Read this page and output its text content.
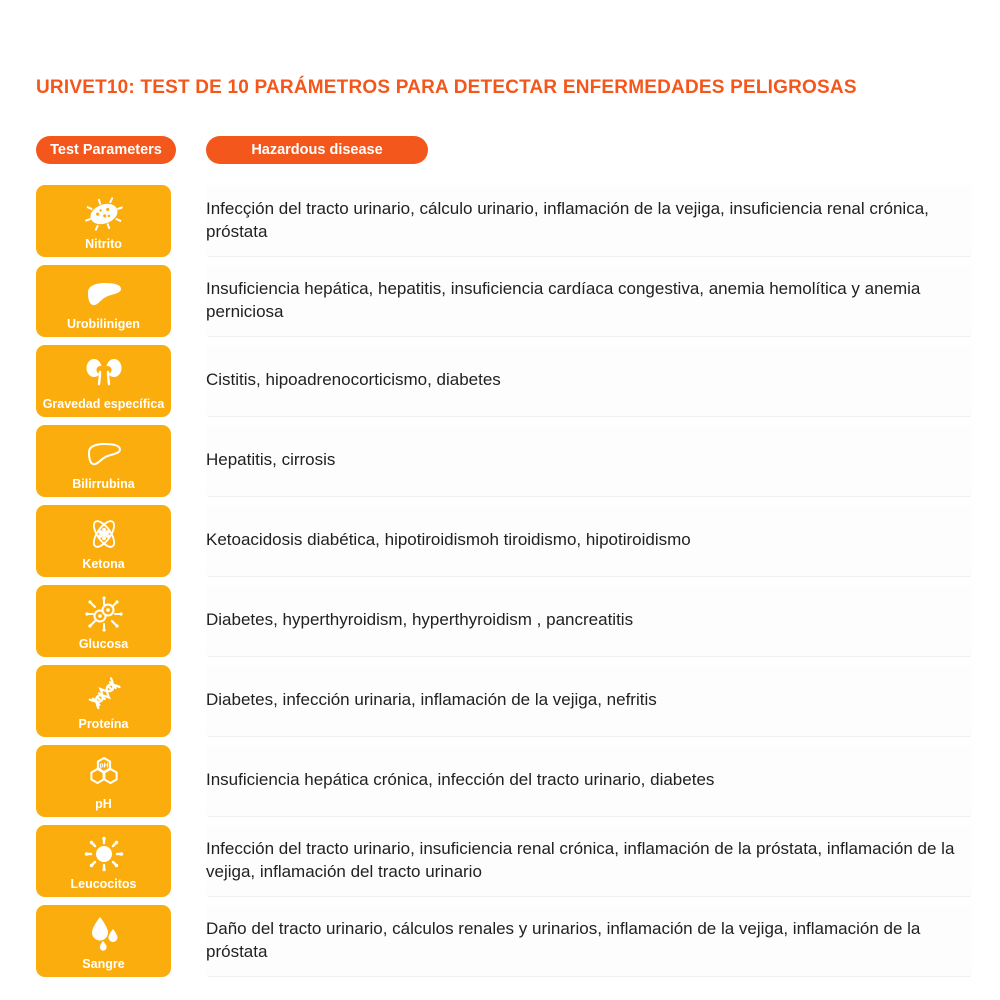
URIVET10: TEST DE 10 PARÁMETROS PARA DETECTAR ENFERMEDADES PELIGROSAS
Test Parameters	Hazardous disease
Nitrito

Infecçión del tracto urinario, cálculo urinario, inflamación de la vejiga, insuficiencia renal crónica, próstata

Urobilinigen

Insuficiencia hepática, hepatitis, insuficiencia cardíaca congestiva, anemia hemolítica y anemia perniciosa

Gravedad específica

Cistitis, hipoadrenocorticismo, diabetes

Bilirrubina

Hepatitis, cirrosis

Ketona

Ketoacidosis diabética, hipotiroidismoh tiroidismo, hipotiroidismo

Glucosa

Diabetes, hyperthyroidism, hyperthyroidism , pancreatitis

Proteína

Diabetes, infección urinaria, inflamación de la vejiga, nefritis

pH
pH

Insuficiencia hepática crónica, infección del tracto urinario, diabetes

Leucocitos

Infección del tracto urinario, insuficiencia renal crónica, inflamación de la próstata, inflamación de la vejiga, inflamación del tracto urinario

Sangre

Daño del tracto urinario, cálculos renales y urinarios, inflamación de la vejiga, inflamación de la próstata
